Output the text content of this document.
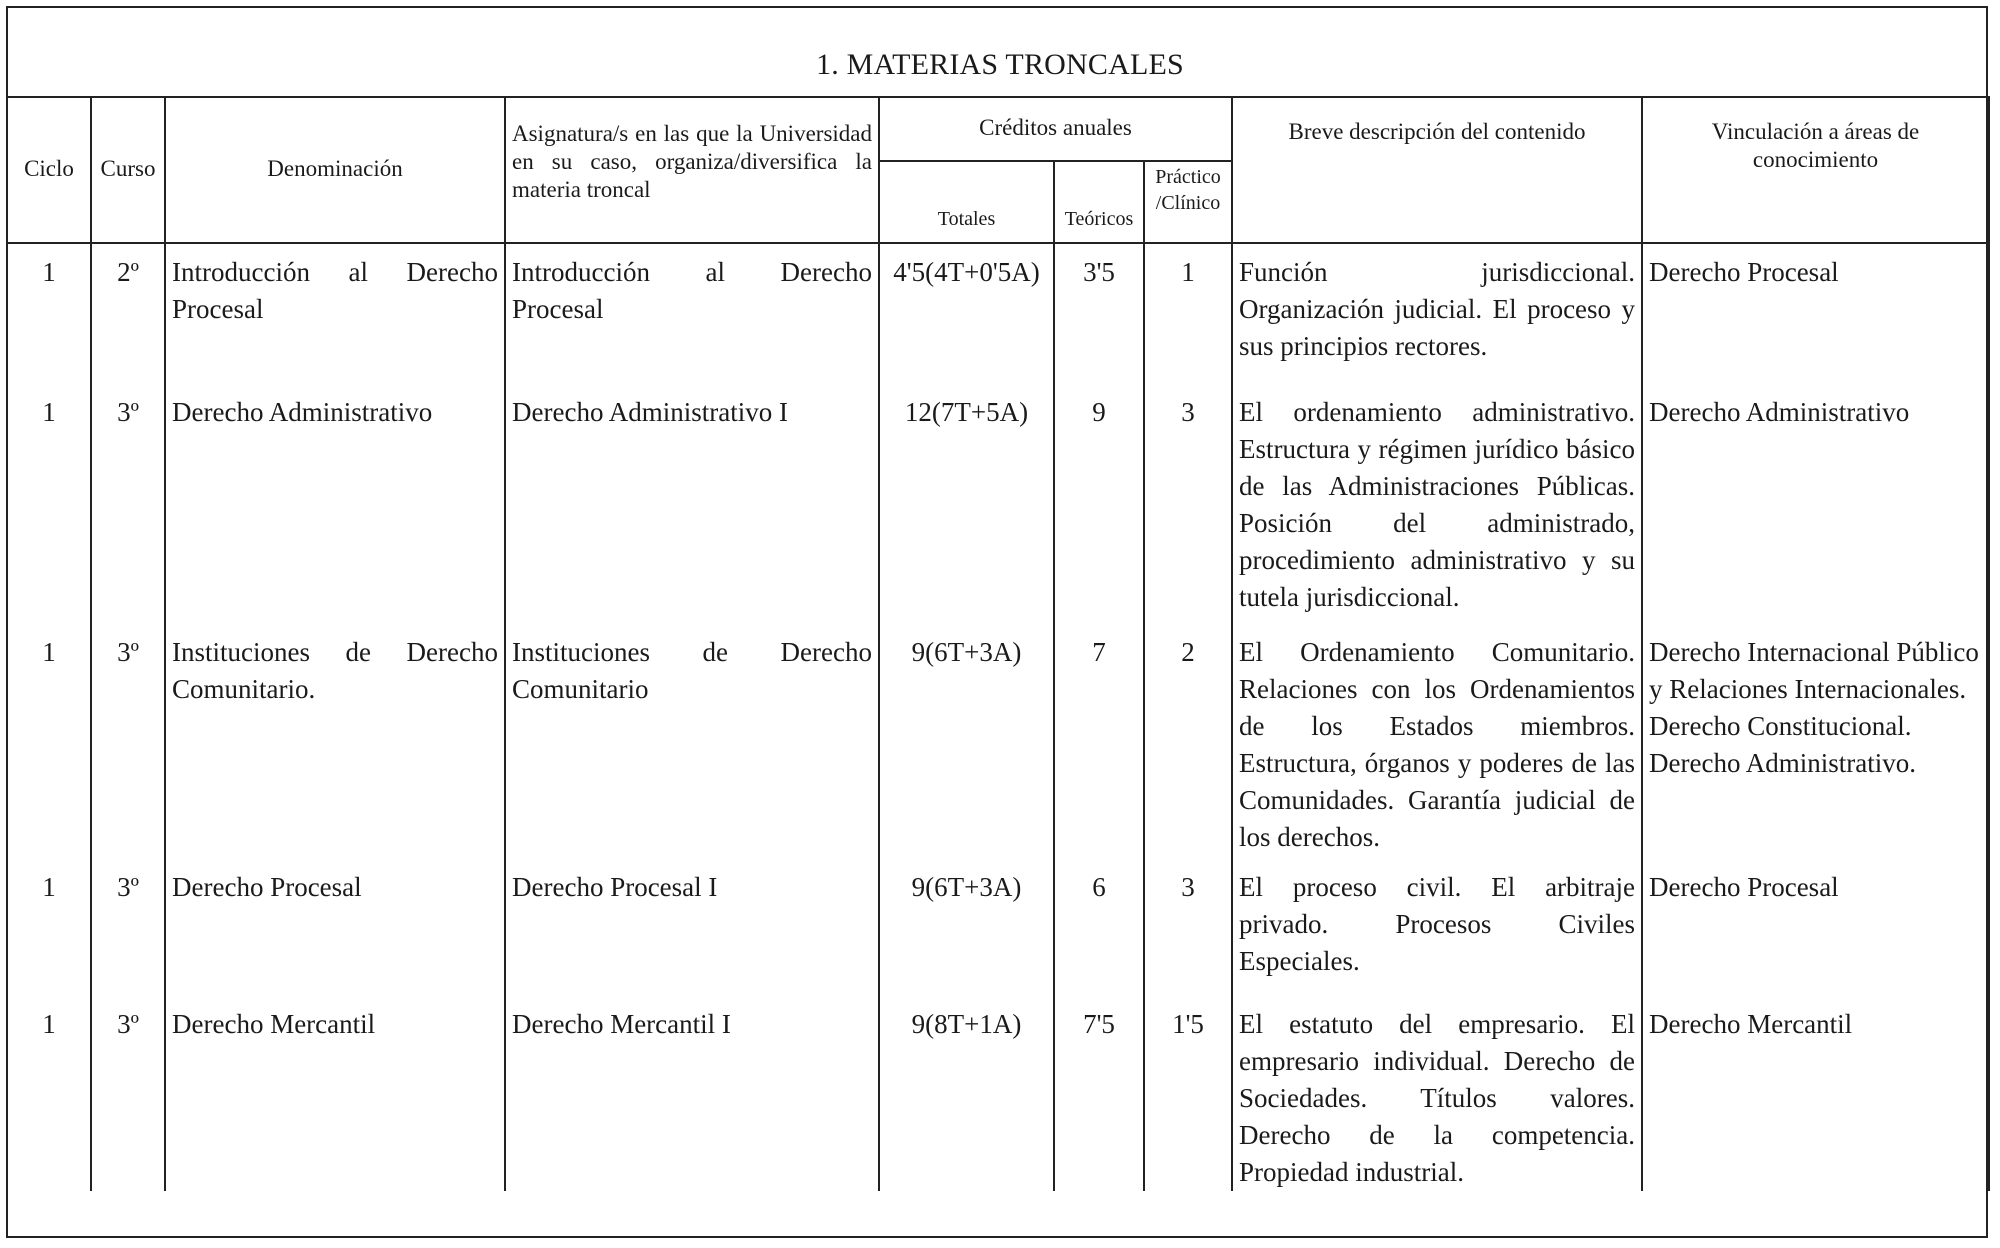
1. MATERIAS TRONCALES
Ciclo	Curso	Denominación	Asignatura/s en las que la Universidad en su caso, organiza/diversifica la materia troncal	Créditos anuales			Breve descripción del contenido	Vinculación a áreas de conocimiento
				Totales	Teóricos	Práctico /Clínico		
1	2º	Introducción al Derecho Procesal	Introducción al Derecho Procesal	4'5(4T+0'5A)	3'5	1	Función jurisdiccional. Organización judicial. El proceso y sus principios rectores.	Derecho Procesal
1	3º	Derecho Administrativo	Derecho Administrativo I	12(7T+5A)	9	3	El ordenamiento administrativo. Estructura y régimen jurídico básico de las Administraciones Públicas. Posición del administrado, procedimiento administrativo y su tutela jurisdiccional.	Derecho Administrativo
1	3º	Instituciones de Derecho Comunitario.	Instituciones de Derecho Comunitario	9(6T+3A)	7	2	El Ordenamiento Comunitario. Relaciones con los Ordenamientos de los Estados miembros. Estructura, órganos y poderes de las Comunidades. Garantía judicial de los derechos.	Derecho Internacional Público y Relaciones Internacionales. Derecho Constitucional. Derecho Administrativo.
1	3º	Derecho Procesal	Derecho Procesal I	9(6T+3A)	6	3	El proceso civil. El arbitraje privado. Procesos Civiles Especiales.	Derecho Procesal
1	3º	Derecho Mercantil	Derecho Mercantil I	9(8T+1A)	7'5	1'5	El estatuto del empresario. El empresario individual. Derecho de Sociedades. Títulos valores. Derecho de la competencia. Propiedad industrial.	Derecho Mercantil
